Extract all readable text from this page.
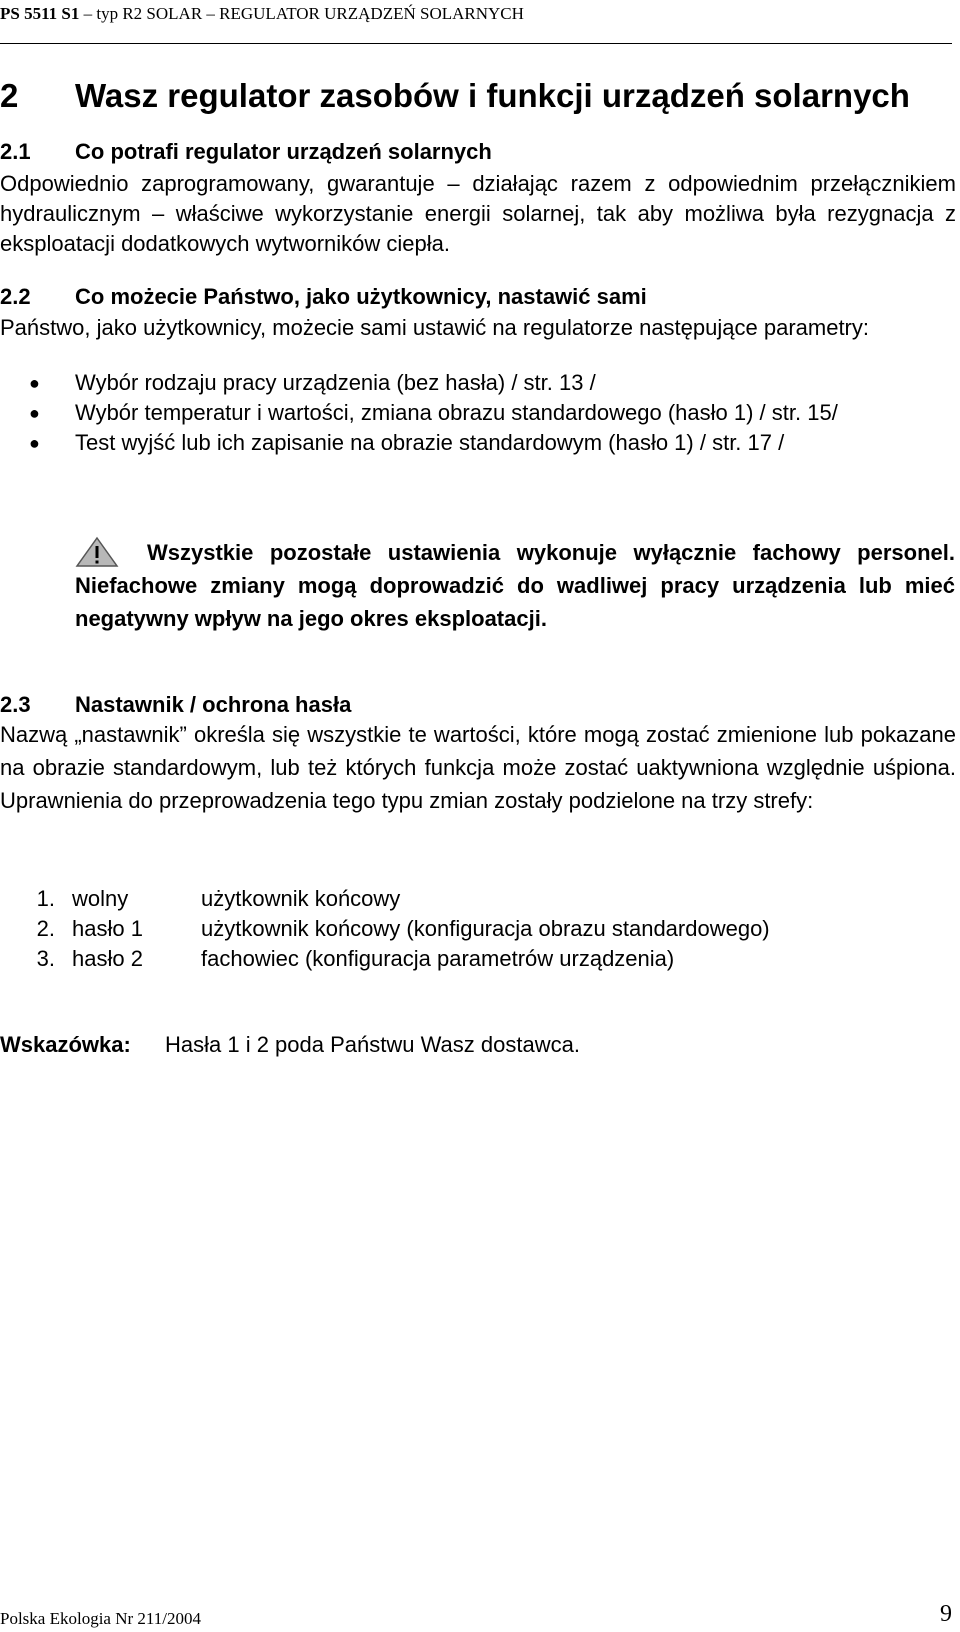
PS 5511 S1 – typ R2 SOLAR – REGULATOR URZĄDZEŃ SOLARNYCH
2 Wasz regulator zasobów i funkcji urządzeń solarnych
2.1 Co potrafi regulator urządzeń solarnych

Odpowiednio zaprogramowany, gwarantuje – działając razem z odpowiednim przełącznikiem hydraulicznym – właściwe wykorzystanie energii solarnej, tak aby możliwa była rezygnacja z eksploatacji dodatkowych wytworników ciepła.

2.2 Co możecie Państwo, jako użytkownicy, nastawić sami

Państwo, jako użytkownicy, możecie sami ustawić na regulatorze następujące parametry:

● Wybór rodzaju pracy urządzenia (bez hasła) / str. 13 /
● Wybór temperatur i wartości, zmiana obrazu standardowego (hasło 1) / str. 15/
● Test wyjść lub ich zapisanie na obrazie standardowym (hasło 1) / str. 17 /
Wszystkie pozostałe ustawienia wykonuje wyłącznie fachowy personel. Niefachowe zmiany mogą doprowadzić do wadliwej pracy urządzenia lub mieć negatywny wpływ na jego okres eksploatacji.
2.3 Nastawnik / ochrona hasła

Nazwą „nastawnik” określa się wszystkie te wartości, które mogą zostać zmienione lub pokazane na obrazie standardowym, lub też których funkcja może zostać uaktywniona względnie uśpiona. Uprawnienia do przeprowadzenia tego typu zmian zostały podzielone na trzy strefy:

1. wolny	użytkownik końcowy
2. hasło 1	użytkownik końcowy (konfiguracja obrazu standardowego)
3. hasło 2	fachowiec (konfiguracja parametrów urządzenia)

Wskazówka: Hasła 1 i 2 poda Państwu Wasz dostawca.

Polska Ekologia Nr 211/2004	9
